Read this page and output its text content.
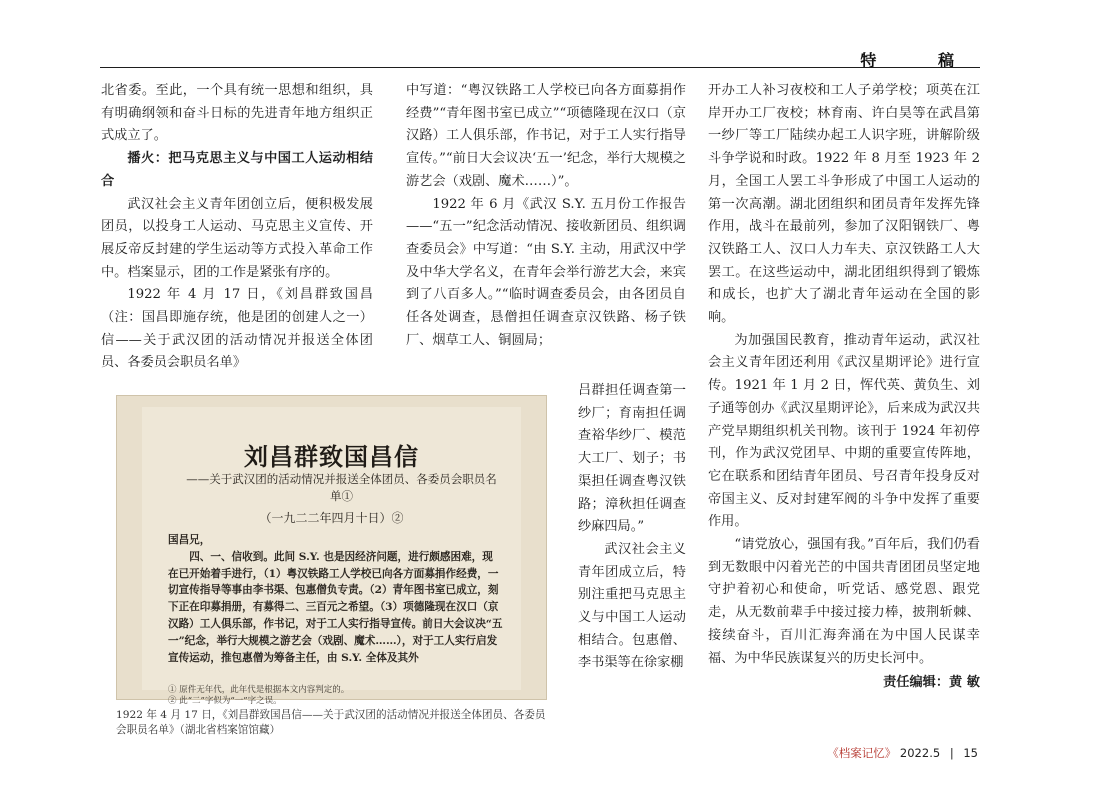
特 稿

北省委。至此，一个具有统一思想和组织，具有明确纲领和奋斗日标的先进青年地方组织正式成立了。

播火：把马克思主义与中国工人运动相结合

武汉社会主义青年团创立后，便积极发展团员，以投身工人运动、马克思主义宣传、开展反帝反封建的学生运动等方式投入革命工作中。档案显示，团的工作是紧张有序的。

1922 年 4 月 17 日，《刘昌群致国昌（注：国昌即施存统，他是团的创建人之一）信——关于武汉团的活动情况并报送全体团员、各委员会职员名单》

中写道：“粤汉铁路工人学校已向各方面募捐作经费”“青年图书室已成立”“项德隆现在汉口（京汉路）工人俱乐部，作书记，对于工人实行指导宣传。”“前日大会议决‘五一’纪念，举行大规模之游艺会（戏剧、魔术……）”。

1922 年 6 月《武汉 S.Y. 五月份工作报告——“五一”纪念活动情况、接收新团员、组织调查委员会》中写道：“由 S.Y. 主动，用武汉中学及中华大学名义，在青年会举行游艺大会，来宾到了八百多人。”“临时调查委员会，由各团员自任各处调查，恳僧担任调查京汉铁路、杨子铁厂、烟草工人、铜圆局；

吕群担任调查第一纱厂；育南担任调查裕华纱厂、模范大工厂、划子；书渠担任调查粤汉铁路；漳秋担任调查纱麻四局。”

武汉社会主义青年团成立后，特别注重把马克思主义与中国工人运动相结合。包惠僧、李书渠等在徐家棚

开办工人补习夜校和工人子弟学校；项英在江岸开办工厂夜校；林育南、许白昊等在武昌第一纱厂等工厂陆续办起工人识字班，讲解阶级斗争学说和时政。1922 年 8 月至 1923 年 2 月，全国工人罢工斗争形成了中国工人运动的第一次高潮。湖北团组织和团员青年发挥先锋作用，战斗在最前列，参加了汉阳钢铁厂、粤汉铁路工人、汉口人力车夫、京汉铁路工人大罢工。在这些运动中，湖北团组织得到了锻炼和成长，也扩大了湖北青年运动在全国的影响。

为加强国民教育，推动青年运动，武汉社会主义青年团还利用《武汉星期评论》进行宣传。1921 年 1 月 2 日，恽代英、黄负生、刘子通等创办《武汉星期评论》，后来成为武汉共产党早期组织机关刊物。该刊于 1924 年初停刊，作为武汉党团早、中期的重要宣传阵地，它在联系和团结青年团员、号召青年投身反对帝国主义、反对封建军阀的斗争中发挥了重要作用。

“请党放心，强国有我。”百年后，我们仍看到无数眼中闪着光芒的中国共青团团员坚定地守护着初心和使命，听党话、感党恩、跟党走，从无数前辈手中接过接力棒，披荆斩棘、接续奋斗，百川汇海奔涌在为中国人民谋幸福、为中华民族谋复兴的历史长河中。

责任编辑：黄 敏

刘昌群致国昌信
——关于武汉团的活动情况并报送全体团员、各委员会职员名单①
（一九二二年四月十日）②

国昌兄，

四、一、信收到。此间 S.Y. 也是因经济问题，进行颇感困难，现在已开始着手进行，（1）粤汉铁路工人学校已向各方面募捐作经费，一切宣传指导等事由李书渠、包惠僧负专责。（2）青年图书室已成立，刻下正在印募捐册，有募得二、三百元之希望。（3）项德隆现在汉口（京汉路）工人俱乐部，作书记，对于工人实行指导宣传。前日大会议决“五一”纪念，举行大规模之游艺会（戏剧、魔术……），对于工人实行启发宣传运动，推包惠僧为筹备主任，由 S.Y. 全体及其外

① 原件无年代，此年代是根据本文内容判定的。

② 此“二”字似为“一”字之误。

1922 年 4 月 17 日，《刘昌群致国昌信——关于武汉团的活动情况并报送全体团员、各委员会职员名单》（湖北省档案馆馆藏）
《档案记忆》 2022.5 | 15
